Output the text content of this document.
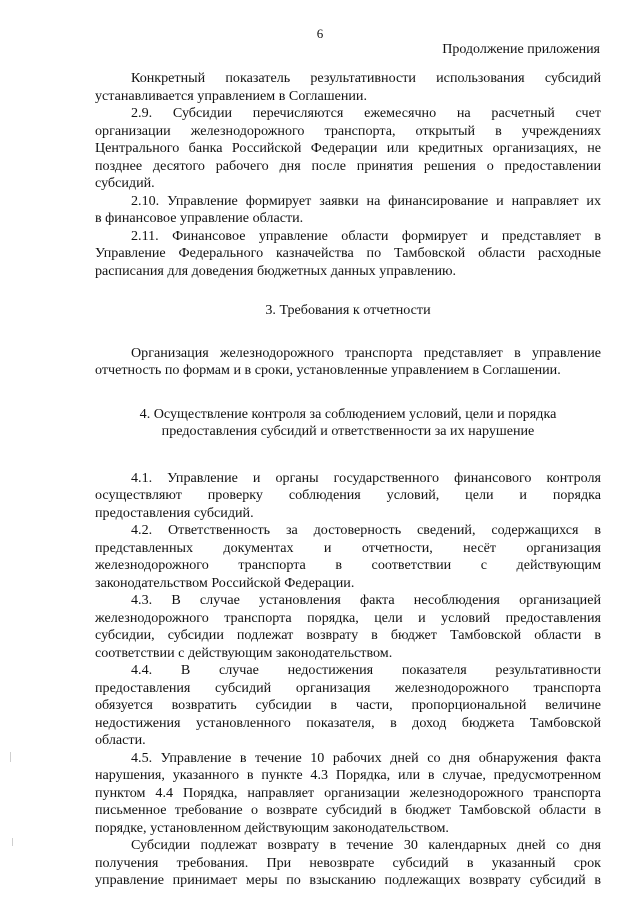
6
Продолжение приложения
Конкретный показатель результативности использования субсидий
устанавливается управлением в Соглашении.
2.9. Субсидии перечисляются ежемесячно на расчетный счет
организации железнодорожного транспорта, открытый в учреждениях
Центрального банка Российской Федерации или кредитных организациях, не
позднее десятого рабочего дня после принятия решения о предоставлении
субсидий.
2.10. Управление формирует заявки на финансирование и направляет их
в финансовое управление области.
2.11. Финансовое управление области формирует и представляет в
Управление Федерального казначейства по Тамбовской области расходные
расписания для доведения бюджетных данных управлению.
3. Требования к отчетности
Организация железнодорожного транспорта представляет в управление
отчетность по формам и в сроки, установленные управлением в Соглашении.
4. Осуществление контроля за соблюдением условий, цели и порядка
предоставления субсидий и ответственности за их нарушение
4.1. Управление и органы государственного финансового контроля
осуществляют проверку соблюдения условий, цели и порядка
предоставления субсидий.
4.2. Ответственность за достоверность сведений, содержащихся в
представленных документах и отчетности, несёт организация
железнодорожного транспорта в соответствии с действующим
законодательством Российской Федерации.
4.3. В случае установления факта несоблюдения организацией
железнодорожного транспорта порядка, цели и условий предоставления
субсидии, субсидии подлежат возврату в бюджет Тамбовской области в
соответствии с действующим законодательством.
4.4. В случае недостижения показателя результативности
предоставления субсидий организация железнодорожного транспорта
обязуется возвратить субсидии в части, пропорциональной величине
недостижения установленного показателя, в доход бюджета Тамбовской
области.
4.5. Управление в течение 10 рабочих дней со дня обнаружения факта
нарушения, указанного в пункте 4.3 Порядка, или в случае, предусмотренном
пунктом 4.4 Порядка, направляет организации железнодорожного транспорта
письменное требование о возврате субсидий в бюджет Тамбовской области в
порядке, установленном действующим законодательством.
Субсидии подлежат возврату в течение 30 календарных дней со дня
получения требования. При невозврате субсидий в указанный срок
управление принимает меры по взысканию подлежащих возврату субсидий в
